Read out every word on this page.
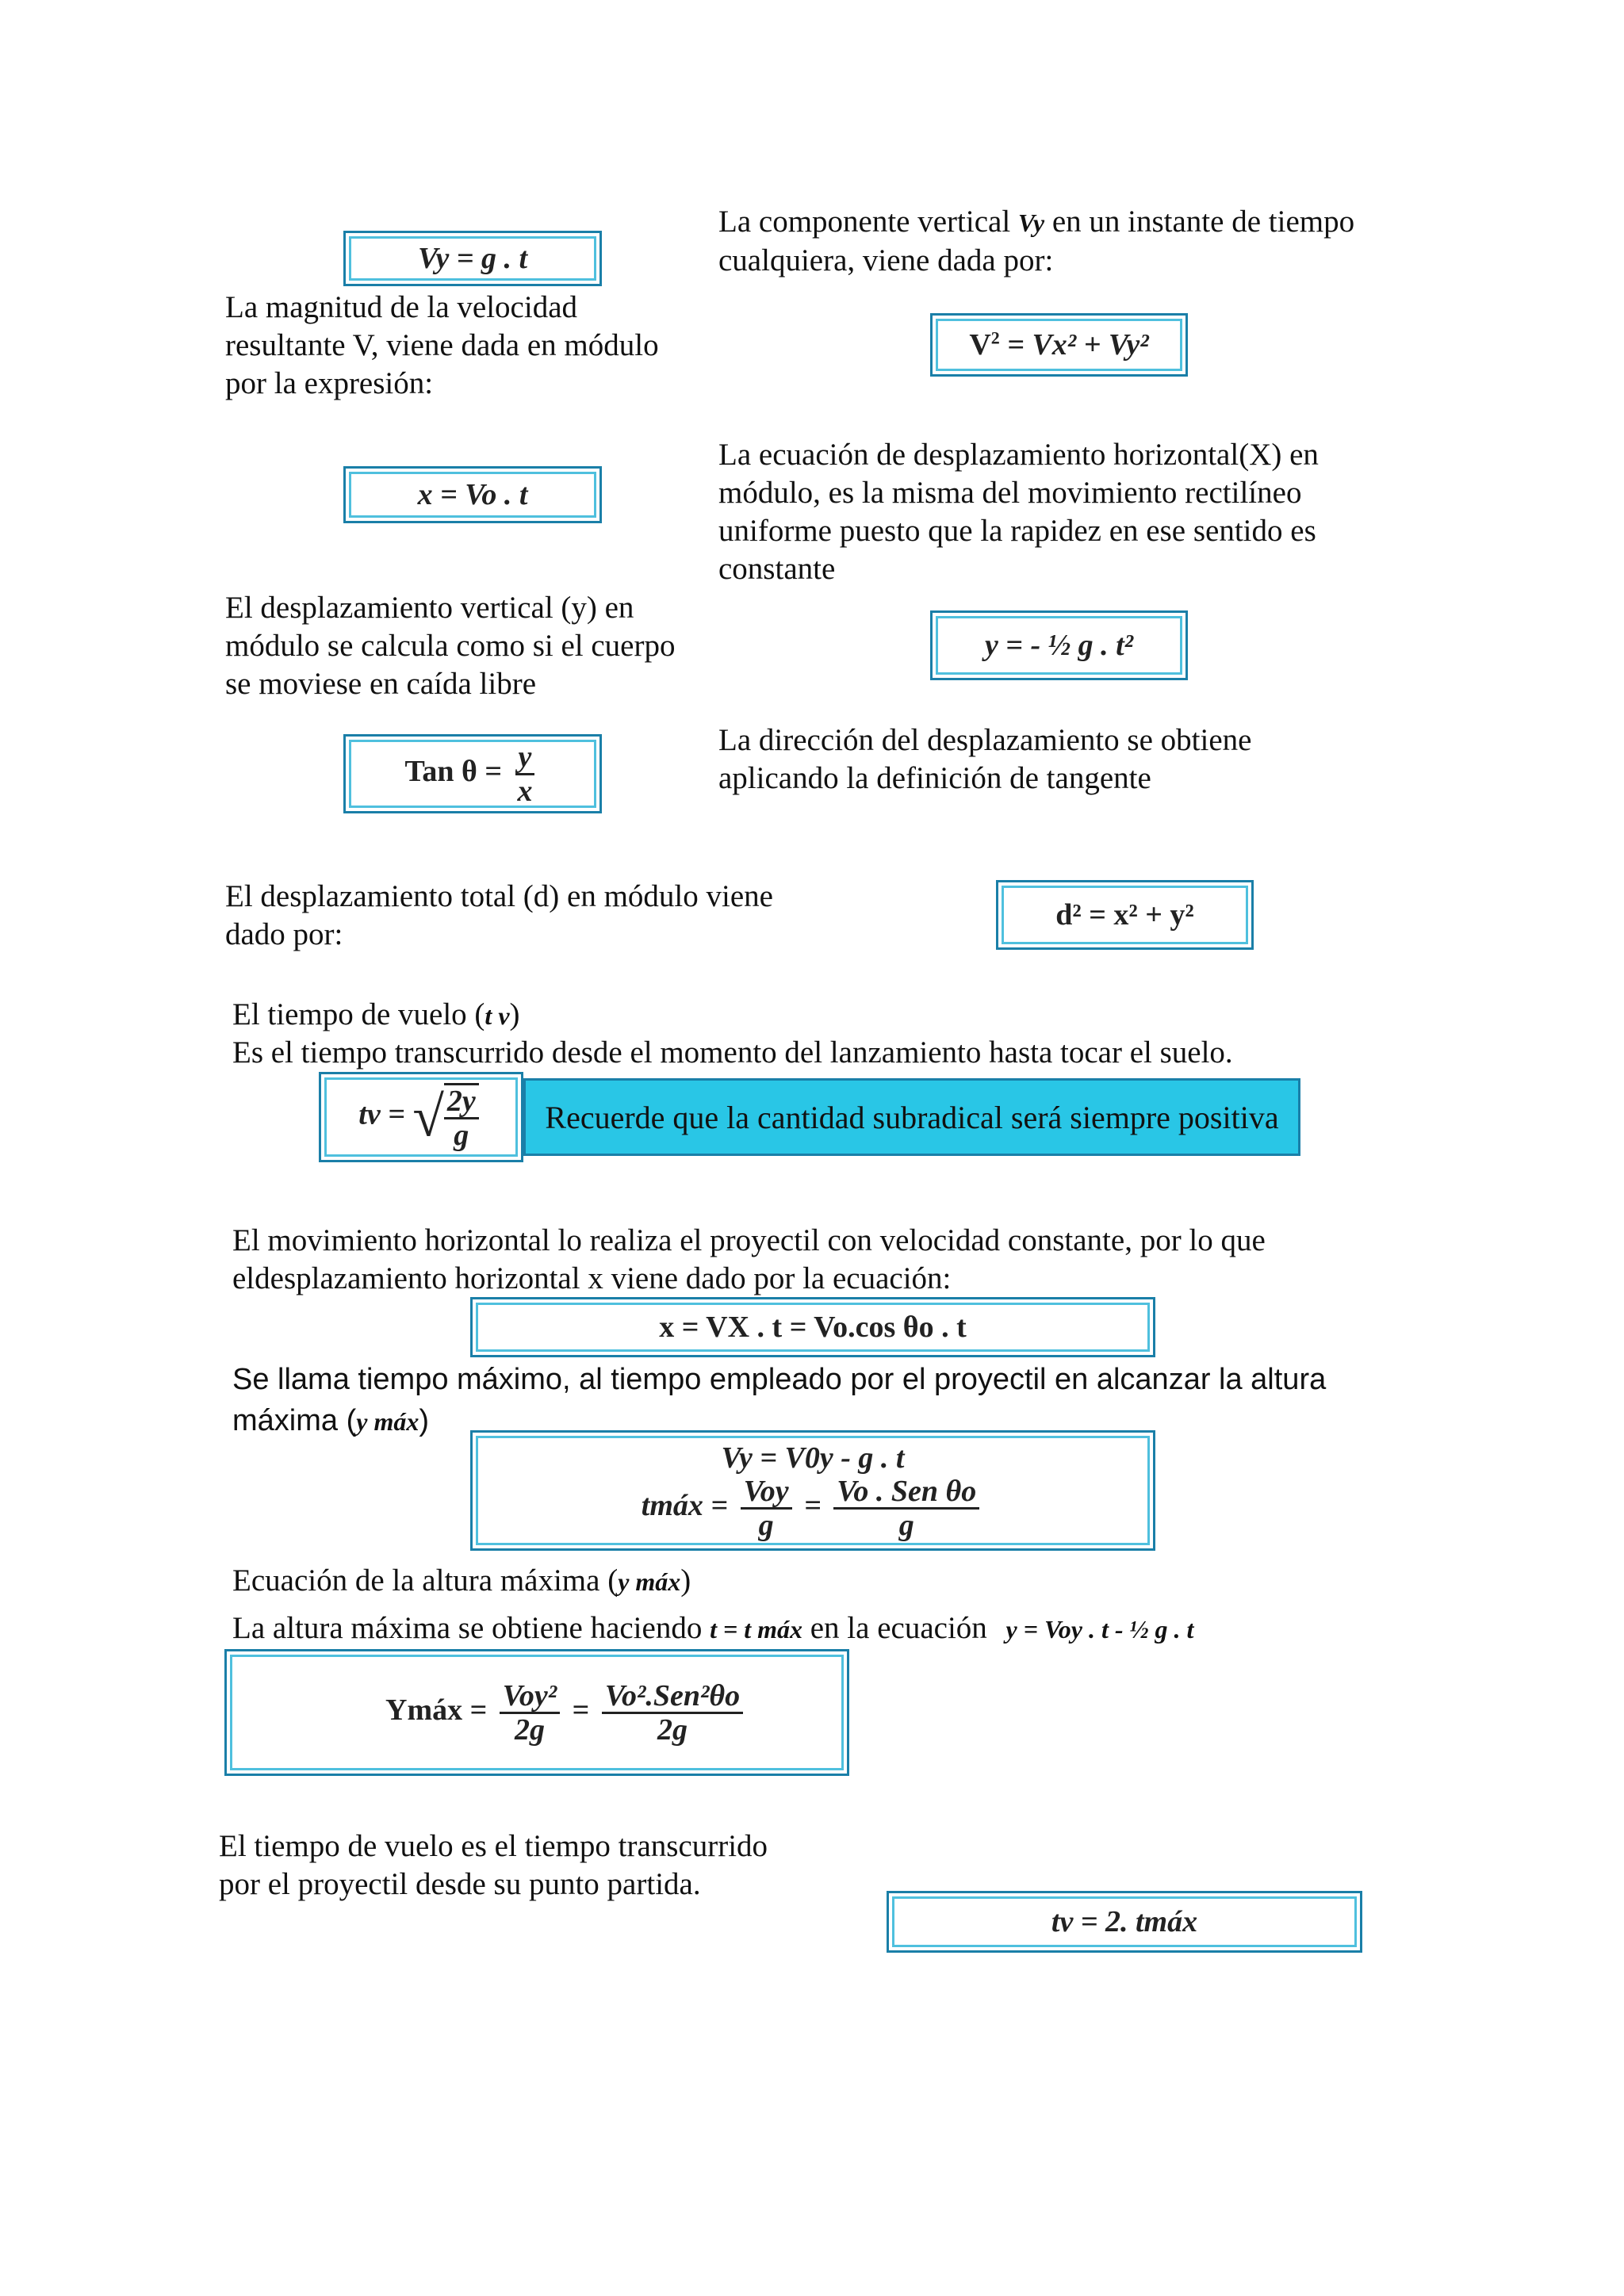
La componente vertical Vy en un instante de tiempo
cualquiera, viene dada por:
Vy = g . t
La magnitud de la velocidad
resultante V, viene dada en módulo
por la expresión:
$V^2 = Vx^2 + Vy^2$
x = Vo . t
La ecuación de desplazamiento horizontal(X) en
módulo, es la misma del movimiento rectilíneo
uniforme puesto que la rapidez en ese sentido es
constante
El desplazamiento vertical (y) en
módulo se calcula como si el cuerpo
se moviese en caída libre
y = - ½ g . t²
La dirección del desplazamiento se obtiene
aplicando la definición de tangente
Tan $\theta = \frac{y}{x}$
El desplazamiento total (d) en módulo viene
dado por:
d² = x² + y²
El tiempo de vuelo (t v)
Es el tiempo transcurrido desde el momento del lanzamiento hasta tocar el suelo.
tv = √ $\frac{2y}{g}$	Recuerde que la cantidad subradical será siempre positiva
El movimiento horizontal lo realiza el proyectil con velocidad constante, por lo que
eldesplazamiento horizontal x viene dado por la ecuación:
x = VX . t = Vo.cos θo . t
Se llama tiempo máximo, al tiempo empleado por el proyectil en alcanzar la altura
máxima (y máx)
Vy = V0y - g . t
tmáx = $\frac{\text{Voy}}{g} = \frac{\text{Vo . Sen θo}}{g}$
Ecuación de la altura máxima (y máx)
La altura máxima se obtiene haciendo t = t máx en la ecuación y = Voy . t - ½ g . t
Ymáx = $\frac{\text{Voy²}}{2g} = \frac{\text{Vo².Sen²θo}}{2g}$
El tiempo de vuelo es el tiempo transcurrido
por el proyectil desde su punto partida.
tv = 2. tmáx
